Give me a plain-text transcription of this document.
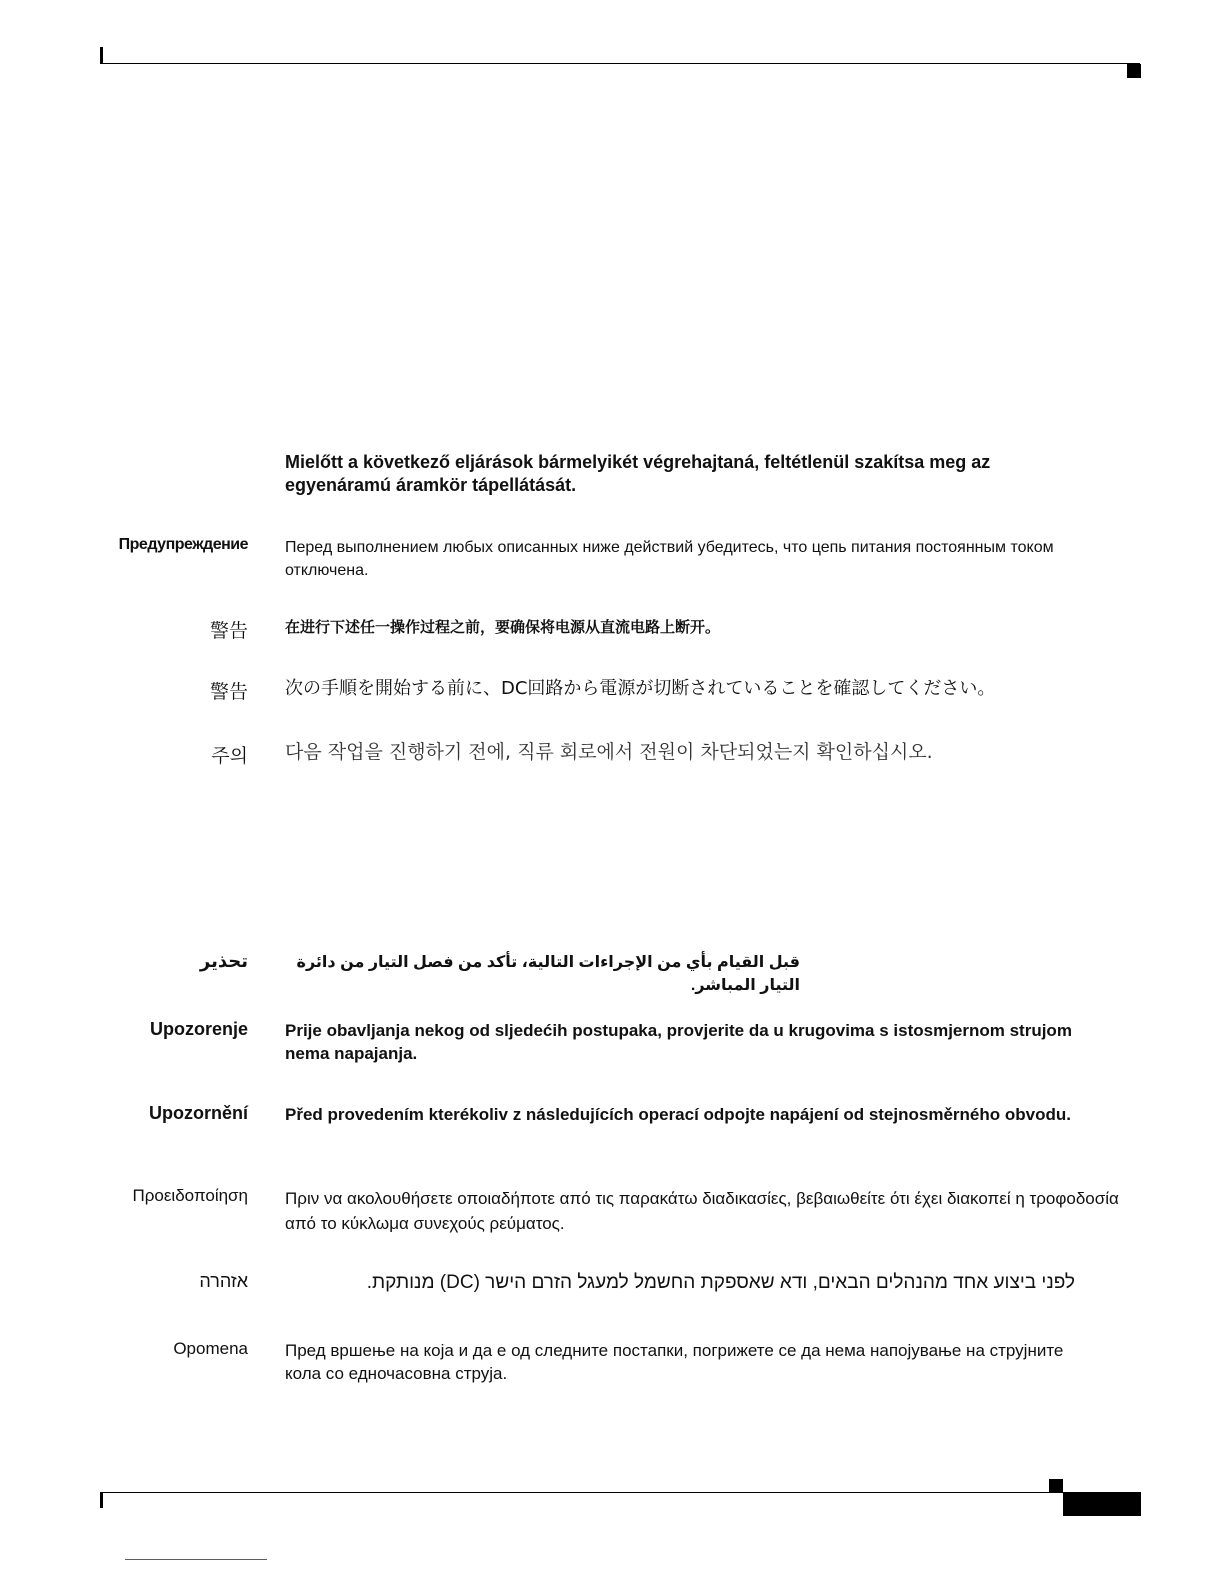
Mielőtt a következő eljárások bármelyikét végrehajtaná, feltétlenül szakítsa meg az egyenáramú áramkör tápellátását.
Предупреждение Перед выполнением любых описанных ниже действий убедитесь, что цепь питания постоянным током отключена.
警告 在进行下述任一操作过程之前，要确保将电源从直流电路上断开。
警告 次の手順を開始する前に、DC回路から電源が切断されていることを確認してください。
주의 다음 작업을 진행하기 전에, 직류 회로에서 전원이 차단되었는지 확인하십시오.
تحذير	قبل القيام بأي من الإجراءات التالية، تأكد من فصل التيار من دائرة التيار المباشر.
Upozorenje Prije obavljanja nekog od sljedećih postupaka, provjerite da u krugovima s istosmjernom strujom nema napajanja.
Upozornění Před provedením kterékoliv z následujících operací odpojte napájení od stejnosměrného obvodu.
Προειδοποίηση Πριν να ακολουθήσετε οποιαδήποτε από τις παρακάτω διαδικασίες, βεβαιωθείτε ότι έχει διακοπεί η τροφοδοσία από το κύκλωμα συνεχούς ρεύματος.
אזהרה	לפני ביצוע אחד מהנהלים הבאים, ודא שאספקת החשמל למעגל הזרם הישר (DC) מנותקת.
Opomena Пред вршење на која и да е од следните постапки, погрижете се да нема напојување на струјните кола со едночасовна струја.
